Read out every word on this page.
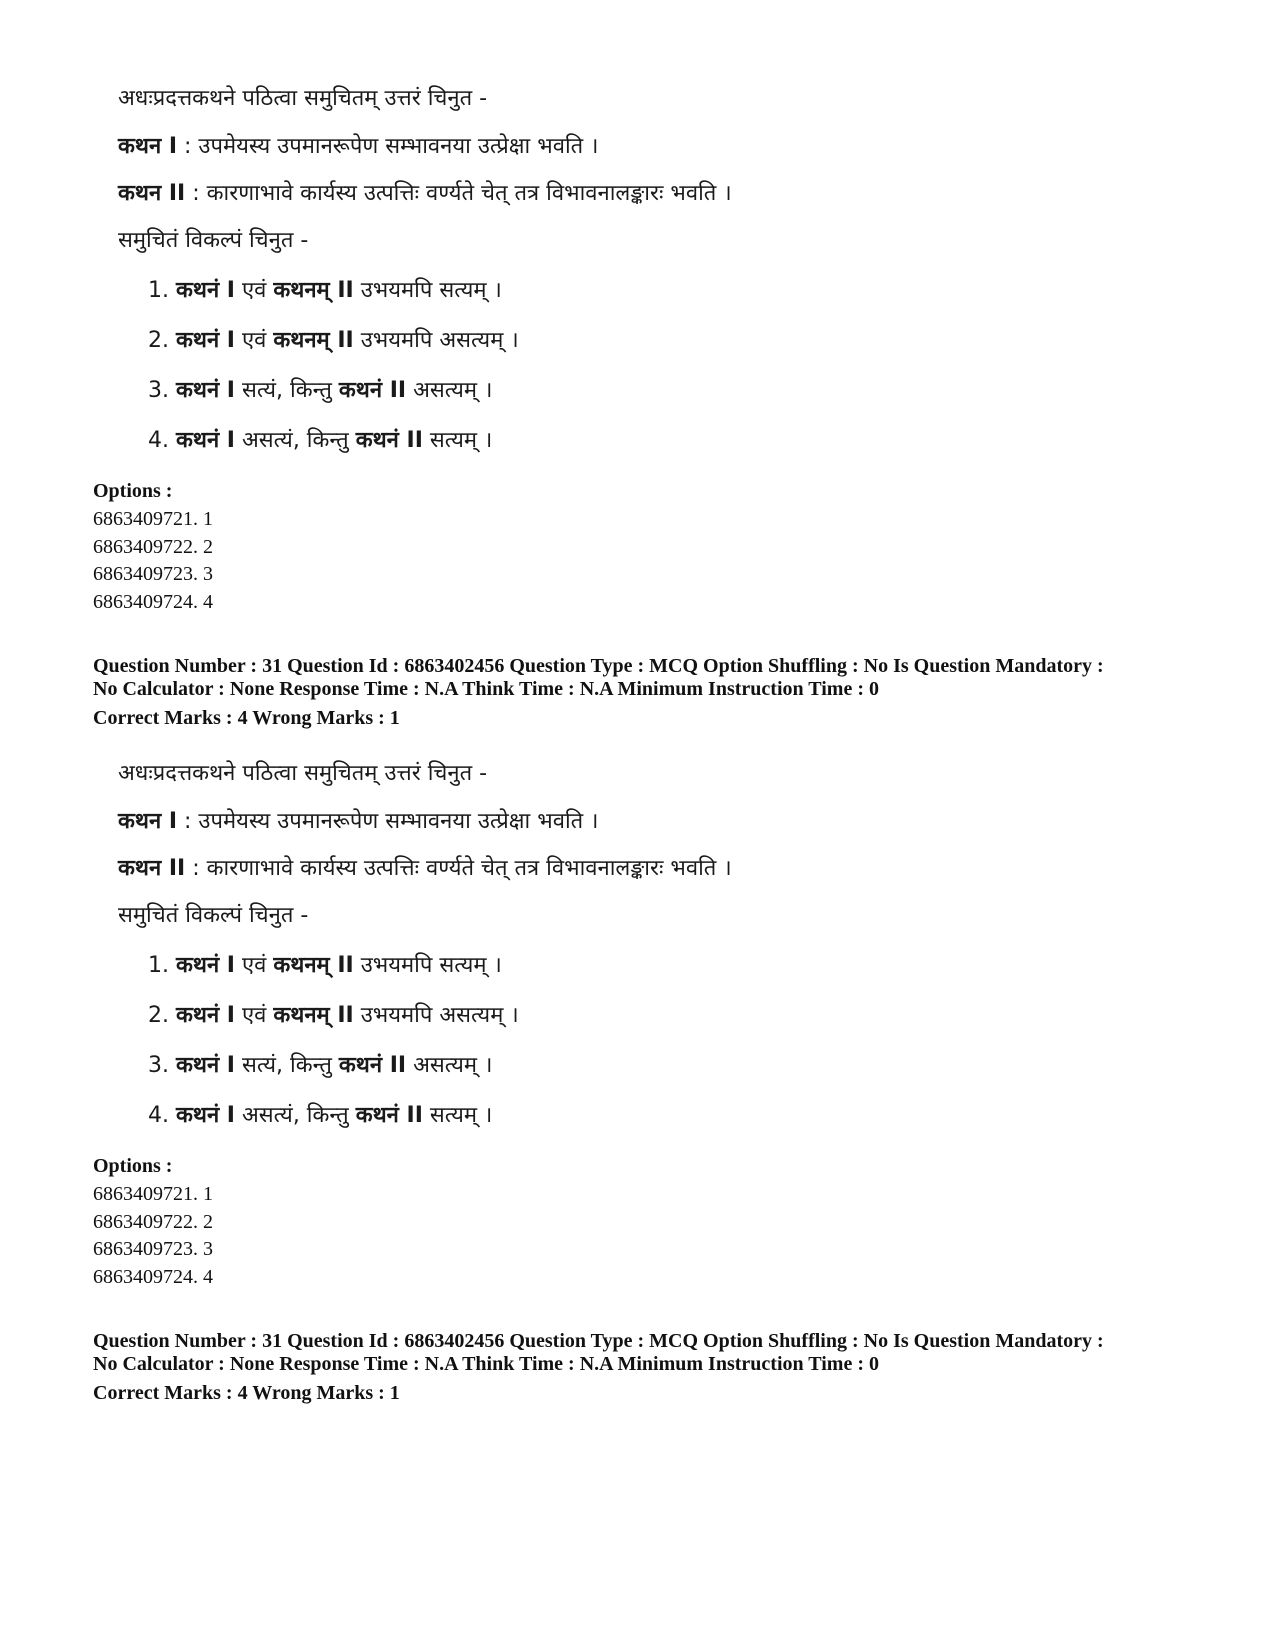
अधःप्रदत्तकथने पठित्वा समुचितम् उत्तरं चिनुत -
कथन I : उपमेयस्य उपमानरूपेण सम्भावनया उत्प्रेक्षा भवति ।
कथन II : कारणाभावे कार्यस्य उत्पत्तिः वर्ण्यते चेत् तत्र विभावनालङ्कारः भवति ।
समुचितं विकल्पं चिनुत -
1. कथनं I एवं कथनम् II उभयमपि सत्यम् ।
2. कथनं I एवं कथनम् II उभयमपि असत्यम् ।
3. कथनं I सत्यं, किन्तु कथनं II असत्यम् ।
4. कथनं I असत्यं, किन्तु कथनं II सत्यम् ।
Options :
6863409721. 1
6863409722. 2
6863409723. 3
6863409724. 4
Question Number : 31 Question Id : 6863402456 Question Type : MCQ Option Shuffling : No Is Question Mandatory :
No Calculator : None Response Time : N.A Think Time : N.A Minimum Instruction Time : 0
Correct Marks : 4 Wrong Marks : 1
अधःप्रदत्तकथने पठित्वा समुचितम् उत्तरं चिनुत -
कथन I : उपमेयस्य उपमानरूपेण सम्भावनया उत्प्रेक्षा भवति ।
कथन II : कारणाभावे कार्यस्य उत्पत्तिः वर्ण्यते चेत् तत्र विभावनालङ्कारः भवति ।
समुचितं विकल्पं चिनुत -
1. कथनं I एवं कथनम् II उभयमपि सत्यम् ।
2. कथनं I एवं कथनम् II उभयमपि असत्यम् ।
3. कथनं I सत्यं, किन्तु कथनं II असत्यम् ।
4. कथनं I असत्यं, किन्तु कथनं II सत्यम् ।
Options :
6863409721. 1
6863409722. 2
6863409723. 3
6863409724. 4
Question Number : 31 Question Id : 6863402456 Question Type : MCQ Option Shuffling : No Is Question Mandatory :
No Calculator : None Response Time : N.A Think Time : N.A Minimum Instruction Time : 0
Correct Marks : 4 Wrong Marks : 1
